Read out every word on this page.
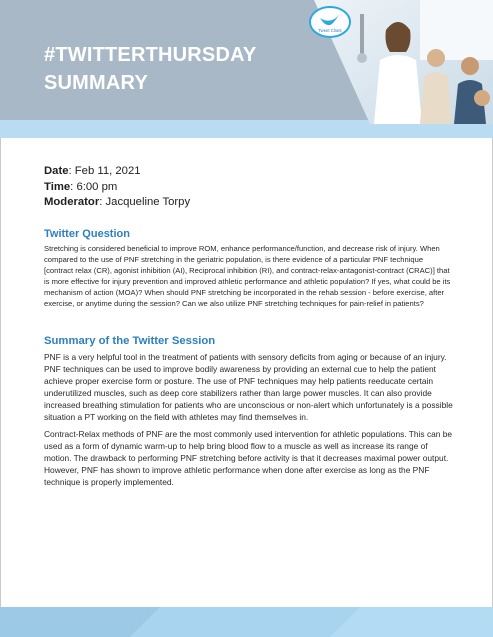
Tweet Chats
#TWITTERTHURSDAY
SUMMARY
Date: Feb 11, 2021
Time: 6:00 pm
Moderator: Jacqueline Torpy
Twitter Question

Stretching is considered beneficial to improve ROM, enhance performance/function, and decrease risk of injury. When compared to the use of PNF stretching in the geriatric population, is there evidence of a particular PNF technique [contract relax (CR), agonist inhibition (AI), Reciprocal inhibition (RI), and contract-relax-antagonist-contract (CRAC)] that is more effective for injury prevention and improved athletic performance and athletic population? If yes, what could be its mechanism of action (MOA)? When should PNF stretching be incorporated in the rehab session - before exercise, after exercise, or anytime during the session? Can we also utilize PNF stretching techniques for pain-relief in patients?

Summary of the Twitter Session

PNF is a very helpful tool in the treatment of patients with sensory deficits from aging or because of an injury. PNF techniques can be used to improve bodily awareness by providing an external cue to help the patient achieve proper exercise form or posture. The use of PNF techniques may help patients reeducate certain underutilized muscles, such as deep core stabilizers rather than large power muscles. It can also provide increased breathing stimulation for patients who are unconscious or non-alert which unfortunately is a possible situation a PT working on the field with athletes may find themselves in.

Contract-Relax methods of PNF are the most commonly used intervention for athletic populations. This can be used as a form of dynamic warm-up to help bring blood flow to a muscle as well as increase its range of motion. The drawback to performing PNF stretching before activity is that it decreases maximal power output. However, PNF has shown to improve athletic performance when done after exercise as long as the PNF technique is properly implemented.
